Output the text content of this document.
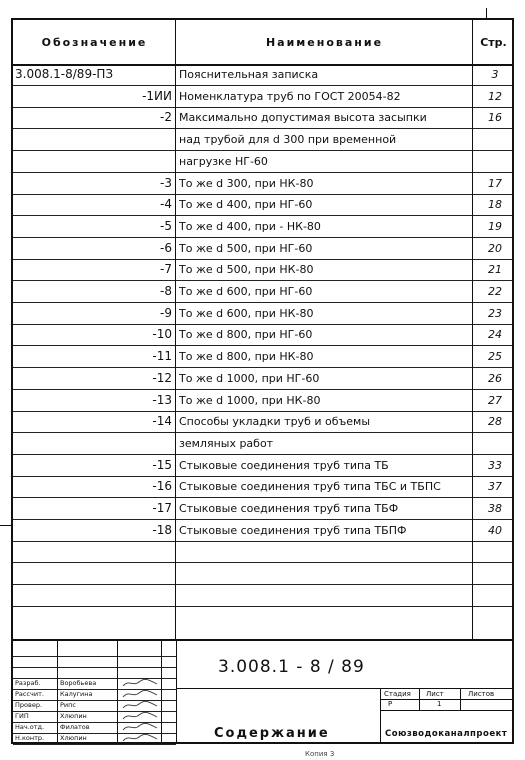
Обозначение	Наименование	Стр.
3.008.1-8/89-ПЗ	Пояснительная записка	3
-1ИИ Номенклатура труб по ГОСТ 20054-82	12
-2 Максимально допустимая высота засыпки	16
над трубой для d 300 при временной
нагрузке НГ-60
-3 То же d 300, при НК-80	17
-4 То же d 400, при НГ-60	18
-5 То же d 400, при - НК-80	19
-6 То же d 500, при НГ-60	20
-7 То же d 500, при НК-80	21
-8 То же d 600, при НГ-60	22
-9 То же d 600, при НК-80	23
-10 То же d 800, при НГ-60	24
-11 То же d 800, при НК-80	25
-12 То же d 1000, при НГ-60	26
-13 То же d 1000, при НК-80	27
-14 Способы укладки труб и объемы	28
земляных работ
-15 Стыковые соединения труб типа ТБ	33
-16 Стыковые соединения труб типа ТБС и ТБПС	37
-17 Стыковые соединения труб типа ТБФ	38
-18 Стыковые соединения труб типа ТБПФ	40
Разраб.	Воробьева
Рассчит. Калугина
Провер.	Рипс
ГИП	Хлюпин
Нач.отд. Филатов
Н.контр. Хлюпин
3.008.1 - 8 / 89
Содержание
Стадия Лист	Листов
Р	1
Союзводоканалпроект
Копия 3
